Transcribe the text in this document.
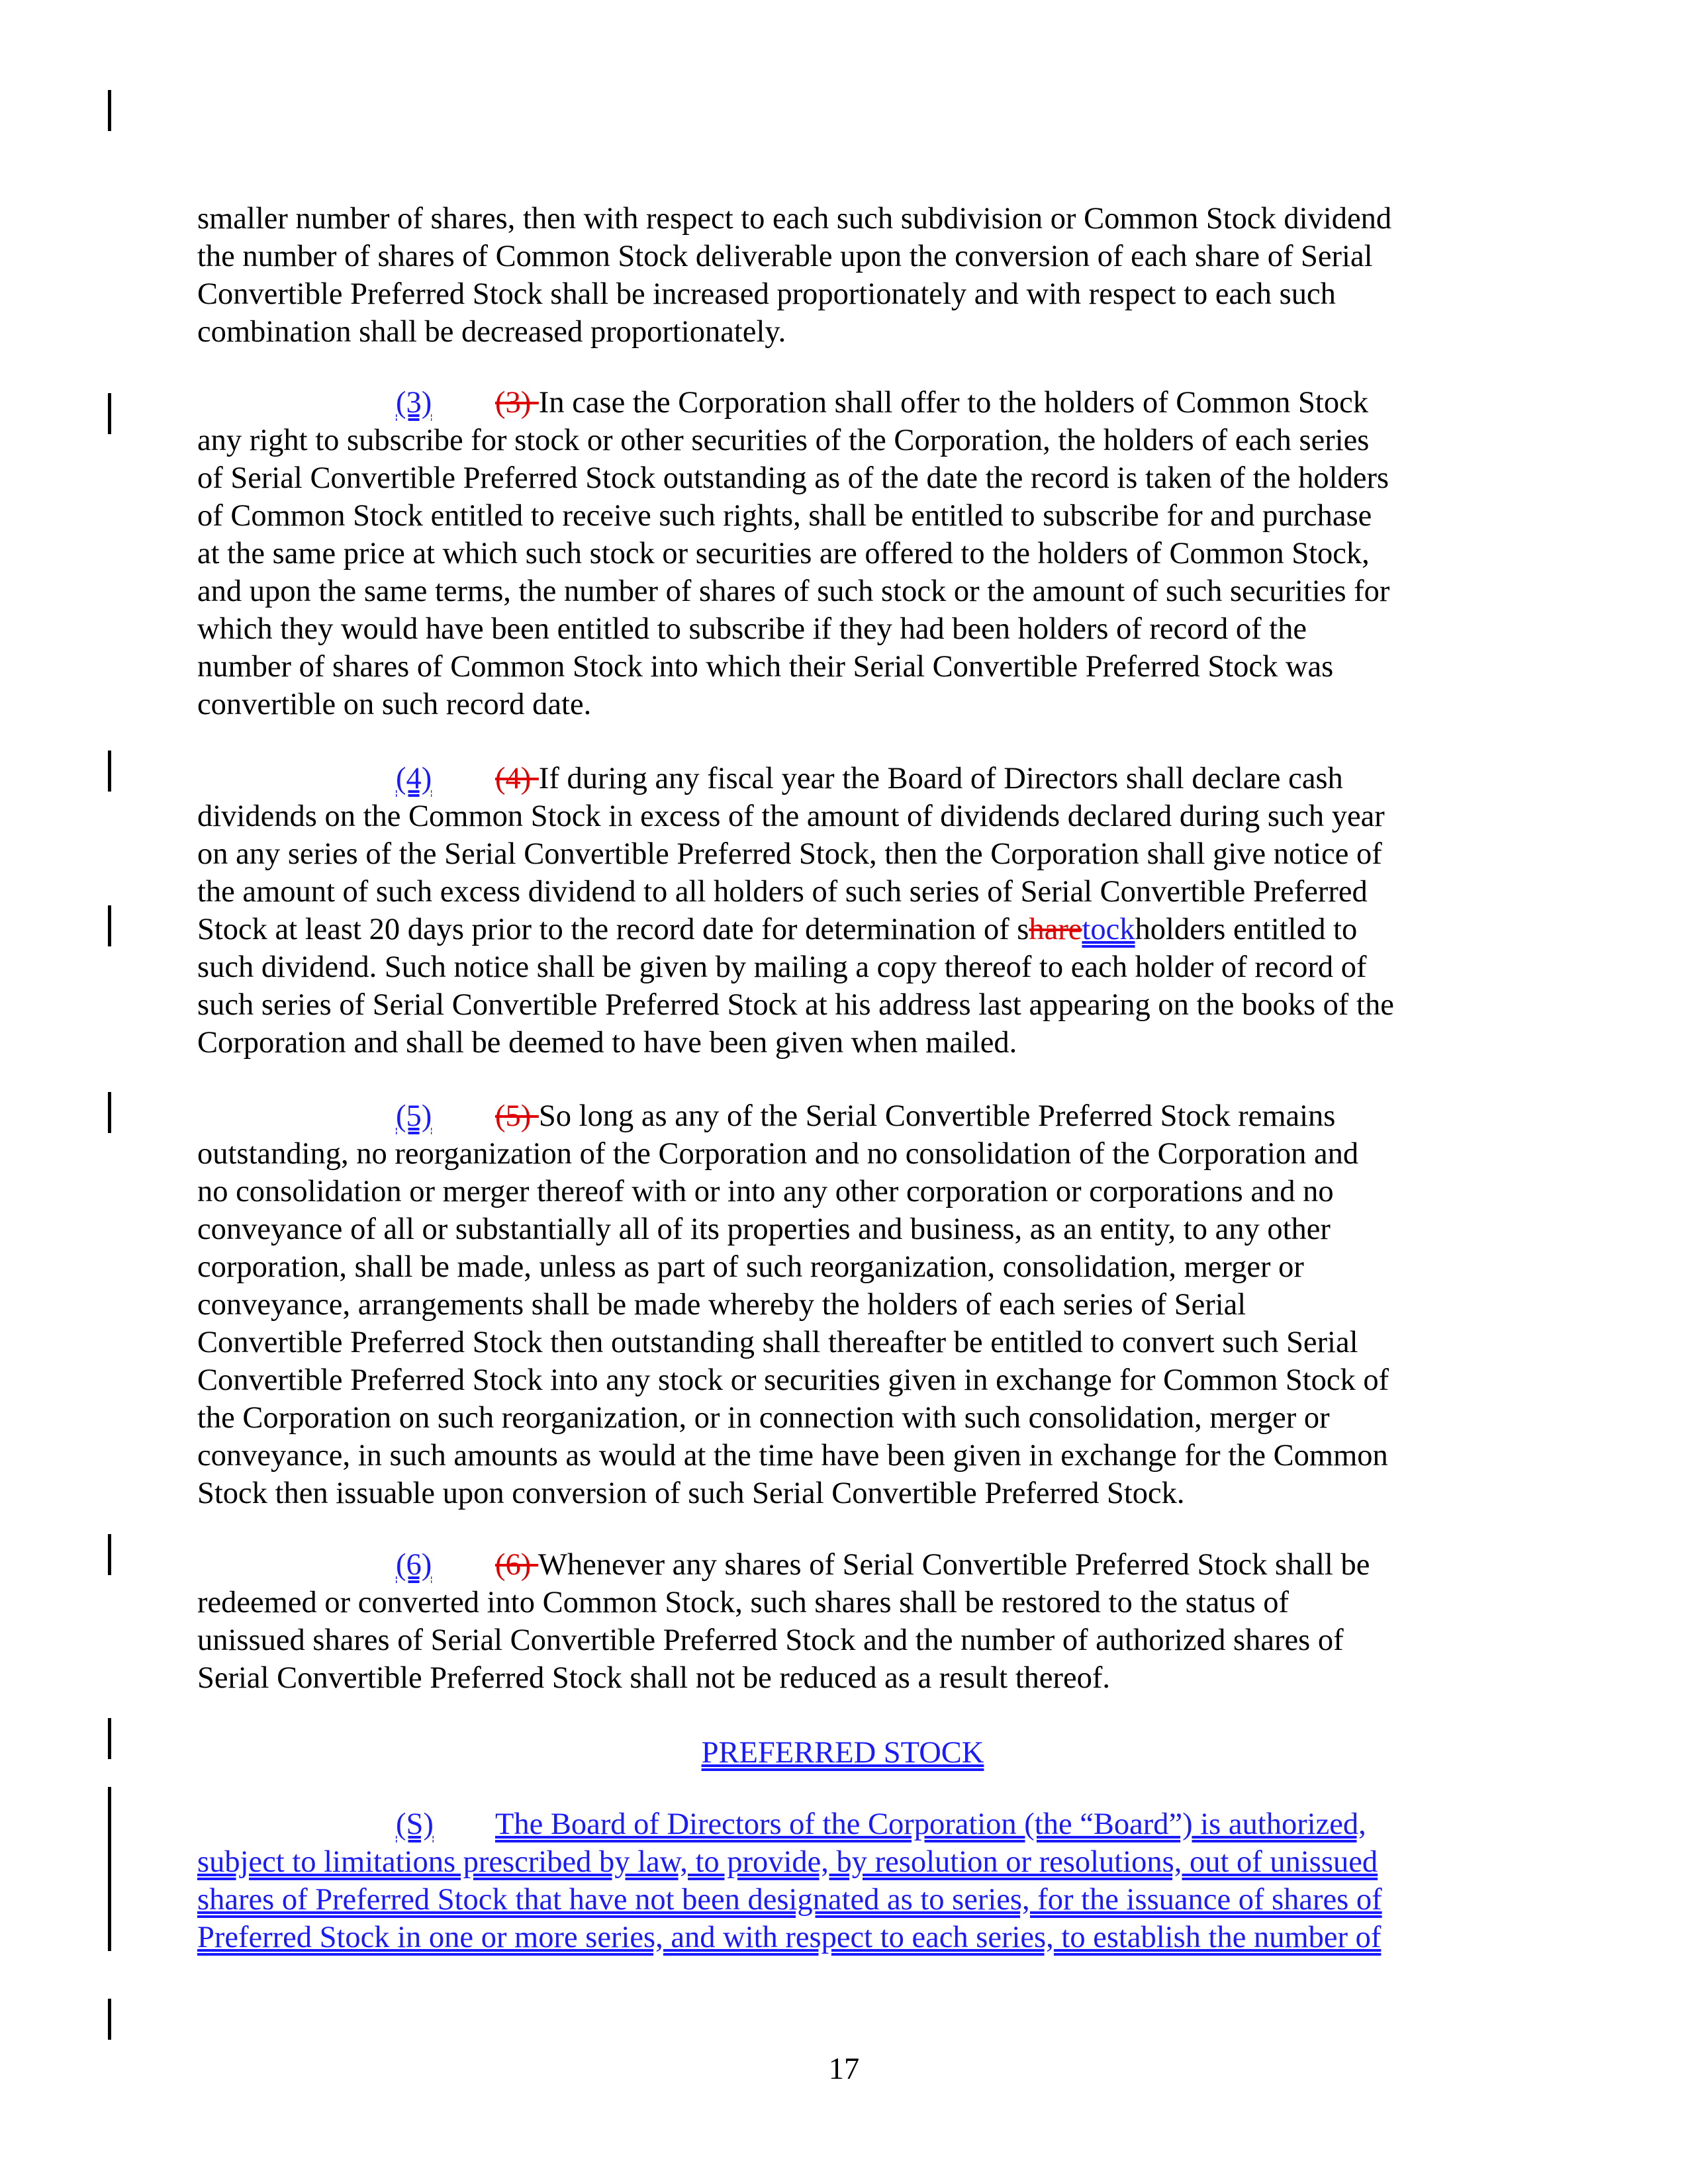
smaller number of shares, then with respect to each such subdivision or Common Stock dividend
the number of shares of Common Stock deliverable upon the conversion of each share of Serial
Convertible Preferred Stock shall be increased proportionately and with respect to each such
combination shall be decreased proportionately.
(3) (3) In case the Corporation shall offer to the holders of Common Stock
any right to subscribe for stock or other securities of the Corporation, the holders of each series
of Serial Convertible Preferred Stock outstanding as of the date the record is taken of the holders
of Common Stock entitled to receive such rights, shall be entitled to subscribe for and purchase
at the same price at which such stock or securities are offered to the holders of Common Stock,
and upon the same terms, the number of shares of such stock or the amount of such securities for
which they would have been entitled to subscribe if they had been holders of record of the
number of shares of Common Stock into which their Serial Convertible Preferred Stock was
convertible on such record date.
(4) (4) If during any fiscal year the Board of Directors shall declare cash
dividends on the Common Stock in excess of the amount of dividends declared during such year
on any series of the Serial Convertible Preferred Stock, then the Corporation shall give notice of
the amount of such excess dividend to all holders of such series of Serial Convertible Preferred
Stock at least 20 days prior to the record date for determination of sharetockholders entitled to
such dividend. Such notice shall be given by mailing a copy thereof to each holder of record of
such series of Serial Convertible Preferred Stock at his address last appearing on the books of the
Corporation and shall be deemed to have been given when mailed.
(5) (5) So long as any of the Serial Convertible Preferred Stock remains
outstanding, no reorganization of the Corporation and no consolidation of the Corporation and
no consolidation or merger thereof with or into any other corporation or corporations and no
conveyance of all or substantially all of its properties and business, as an entity, to any other
corporation, shall be made, unless as part of such reorganization, consolidation, merger or
conveyance, arrangements shall be made whereby the holders of each series of Serial
Convertible Preferred Stock then outstanding shall thereafter be entitled to convert such Serial
Convertible Preferred Stock into any stock or securities given in exchange for Common Stock of
the Corporation on such reorganization, or in connection with such consolidation, merger or
conveyance, in such amounts as would at the time have been given in exchange for the Common
Stock then issuable upon conversion of such Serial Convertible Preferred Stock.
(6) (6) Whenever any shares of Serial Convertible Preferred Stock shall be
redeemed or converted into Common Stock, such shares shall be restored to the status of
unissued shares of Serial Convertible Preferred Stock and the number of authorized shares of
Serial Convertible Preferred Stock shall not be reduced as a result thereof.
PREFERRED STOCK
(S) The Board of Directors of the Corporation (the “Board”) is authorized,
subject to limitations prescribed by law, to provide, by resolution or resolutions, out of unissued
shares of Preferred Stock that have not been designated as to series, for the issuance of shares of
Preferred Stock in one or more series, and with respect to each series, to establish the number of
17
